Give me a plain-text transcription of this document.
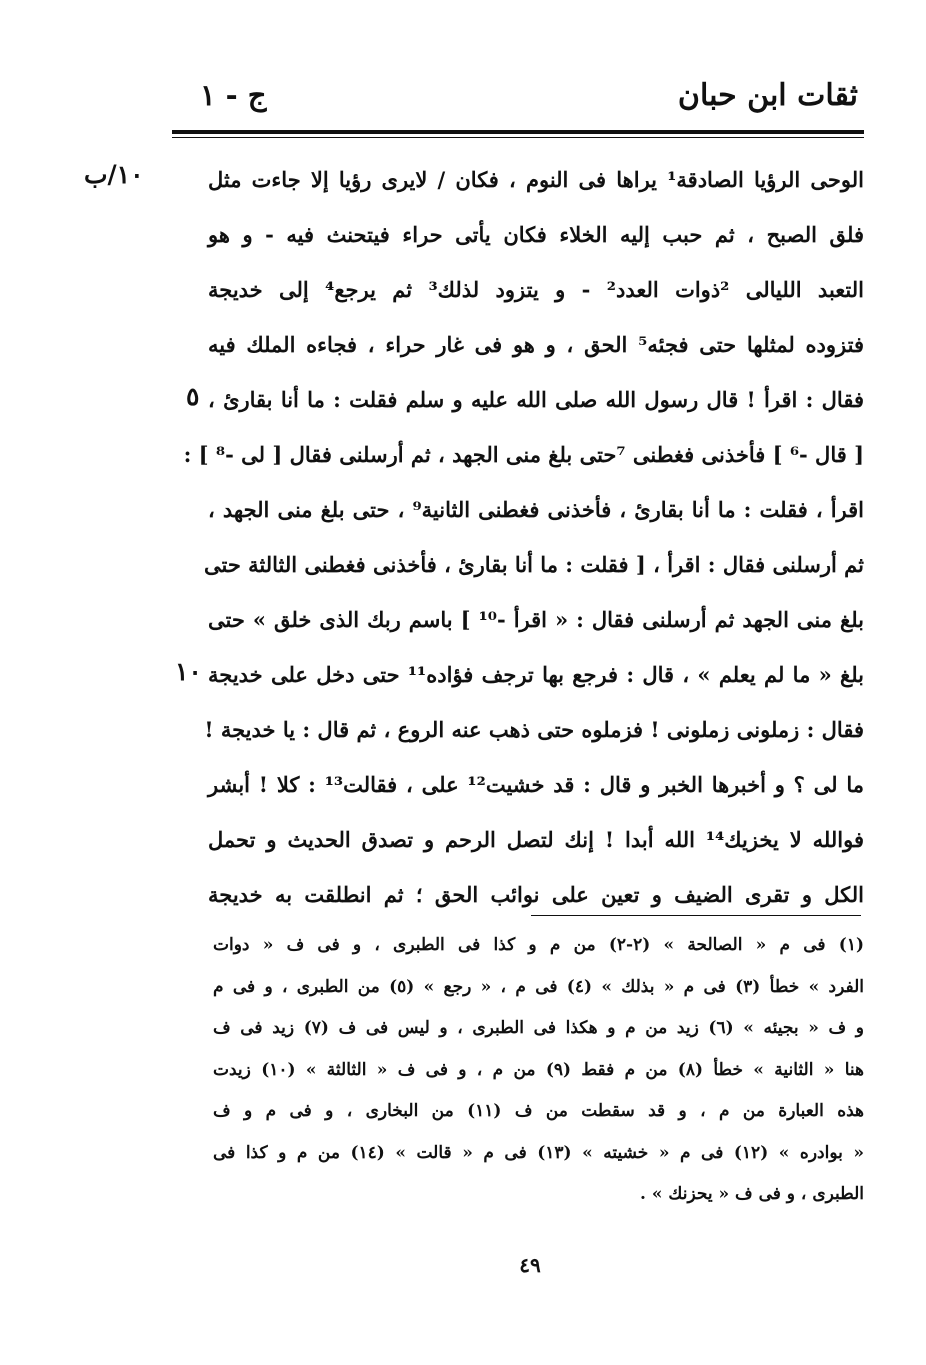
ج - ١	ثقات ابن حبان
١٠/ب
٥
١٠
الوحى الرؤيا الصادقة¹ يراها فى النوم ، فكان / لايرى رؤيا إلا جاءت مثل
فلق الصبح ، ثم حبب إليه الخلاء فكان يأتى حراء فيتحنث فيه - و هو
التعبد الليالى ²ذوات العدد² - و يتزود لذلك³ ثم يرجع⁴ إلى خديجة
فتزوده لمثلها حتى فجئه⁵ الحق ، و هو فى غار حراء ، فجاءه الملك فيه
فقال : اقرأ ! قال رسول الله صلى الله عليه و سلم فقلت : ما أنا بقارئ ،
[ قال -⁶ ] فأخذنى فغطنى ⁷حتى بلغ منى الجهد ، ثم أرسلنى فقال [ لى -⁸ ] :
اقرأ ، فقلت : ما أنا بقارئ ، فأخذنى فغطنى الثانية⁹ ، حتى بلغ منى الجهد ،
ثم أرسلنى فقال : اقرأ ، [ فقلت : ما أنا بقارئ ، فأخذنى فغطنى الثالثة حتى
بلغ منى الجهد ثم أرسلنى فقال : « اقرأ -¹⁰ ] باسم ربك الذى خلق » حتى
بلغ « ما لم يعلم » ، قال : فرجع بها ترجف فؤاده¹¹ حتى دخل على خديجة
فقال : زملونى زملونى ! فزملوه حتى ذهب عنه الروع ، ثم قال : يا خديجة !
ما لى ؟ و أخبرها الخبر و قال : قد خشيت¹² على ، فقالت¹³ : كلا ! أبشر
فوالله لا يخزيك¹⁴ الله أبدا ! إنك لتصل الرحم و تصدق الحديث و تحمل
الكل و تقرى الضيف و تعين على نوائب الحق ؛ ثم انطلقت به خديجة
(١) فى م « الصالحة » (٢-٢) من م و كذا فى الطبرى ، و فى ف « دوات
الفرد » خطأ (٣) فى م « بذلك » (٤) فى م ، « رجع » (٥) من الطبرى ، و فى م
و ف « بجيئه » (٦) زيد من م و هكذا فى الطبرى ، و ليس فى ف (٧) زيد فى ف
هنا « الثانية » خطأ (٨) من م فقط (٩) من م ، و فى ف « الثالثة » (١٠) زيدت
هذه العبارة من م ، و قد سقطت من ف (١١) من البخارى ، و فى م و ف
« بوادره » (١٢) فى م « خشيته » (١٣) فى م « قالت » (١٤) من م و كذا فى
الطبرى ، و فى ف « يحزنك » .
٤٩
